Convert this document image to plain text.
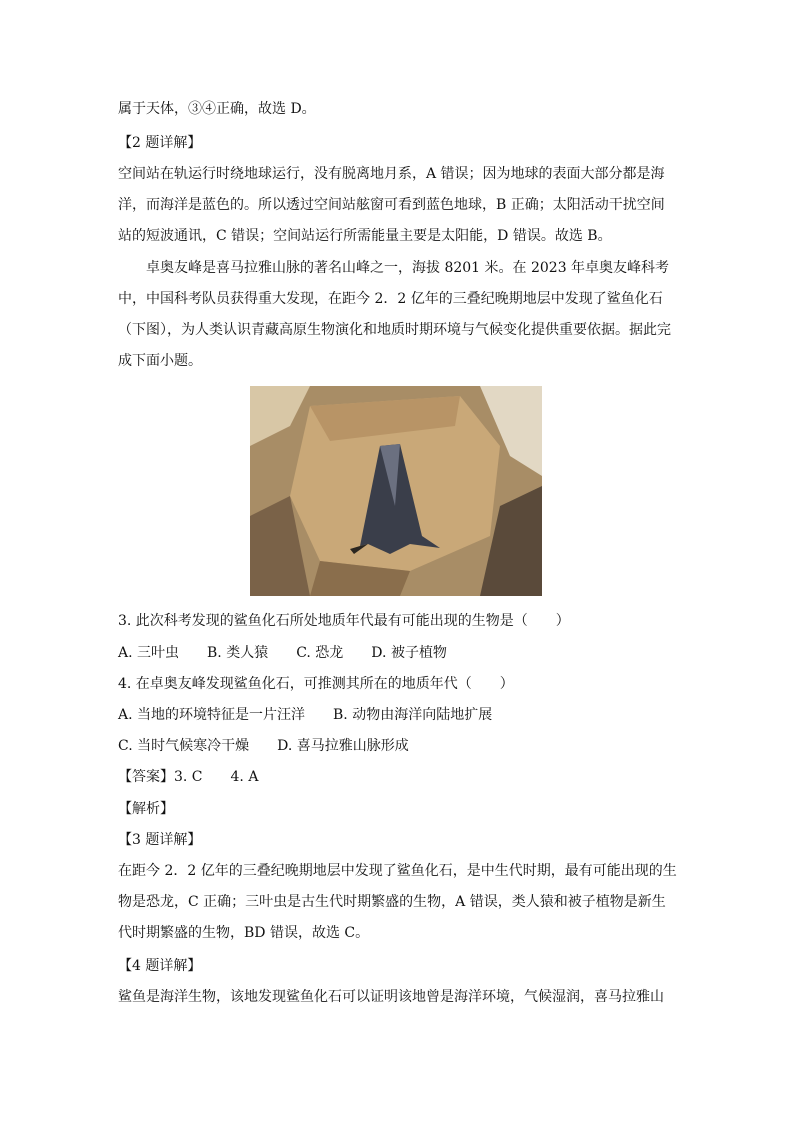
属于天体，③④正确，故选 D。
【2 题详解】
空间站在轨运行时绕地球运行，没有脱离地月系，A 错误；因为地球的表面大部分都是海
洋，而海洋是蓝色的。所以透过空间站舷窗可看到蓝色地球，B 正确；太阳活动干扰空间
站的短波通讯，C 错误；空间站运行所需能量主要是太阳能，D 错误。故选 B。
卓奥友峰是喜马拉雅山脉的著名山峰之一，海拔 8201 米。在 2023 年卓奥友峰科考
中，中国科考队员获得重大发现，在距今 2．2 亿年的三叠纪晚期地层中发现了鲨鱼化石
（下图），为人类认识青藏高原生物演化和地质时期环境与气候变化提供重要依据。据此完
成下面小题。
3. 此次科考发现的鲨鱼化石所处地质年代最有可能出现的生物是（　　）
A. 三叶虫　　B. 类人猿　　C. 恐龙　　D. 被子植物
4. 在卓奥友峰发现鲨鱼化石，可推测其所在的地质年代（　　）
A. 当地的环境特征是一片汪洋　　B. 动物由海洋向陆地扩展
C. 当时气候寒冷干燥　　D. 喜马拉雅山脉形成
【答案】3. C　　4. A
【解析】
【3 题详解】
在距今 2．2 亿年的三叠纪晚期地层中发现了鲨鱼化石，是中生代时期，最有可能出现的生
物是恐龙，C 正确；三叶虫是古生代时期繁盛的生物，A 错误，类人猿和被子植物是新生
代时期繁盛的生物，BD 错误，故选 C。
【4 题详解】
鲨鱼是海洋生物，该地发现鲨鱼化石可以证明该地曾是海洋环境，气候湿润，喜马拉雅山
